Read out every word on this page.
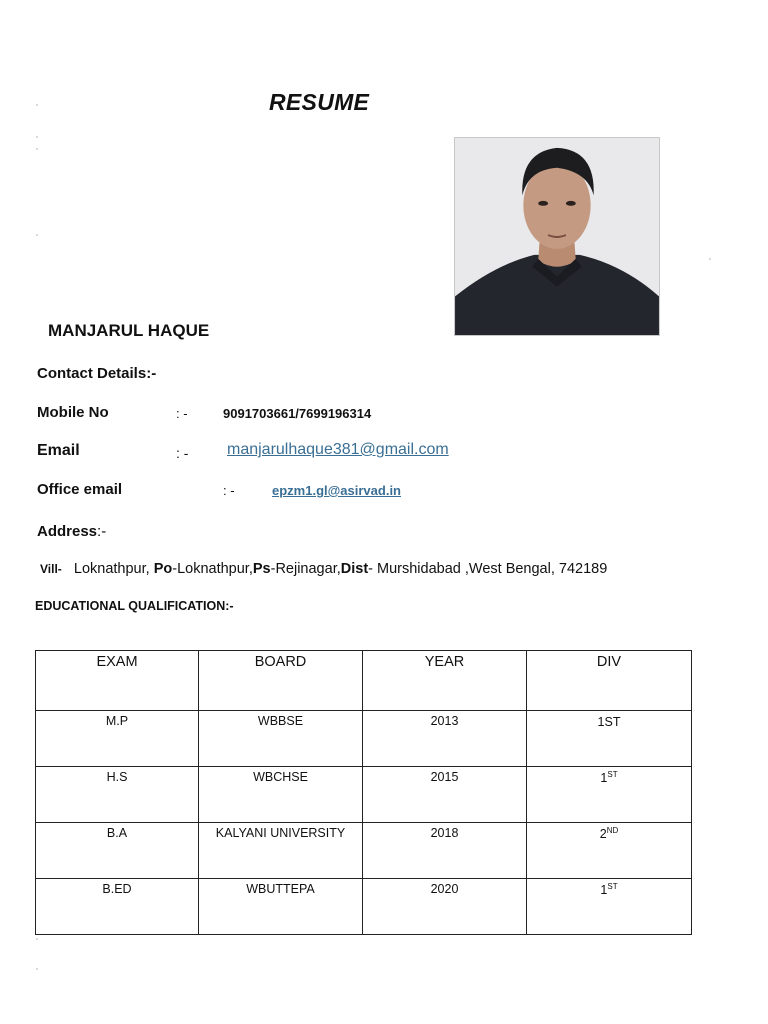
RESUME
MANJARUL HAQUE
Contact Details:-
Mobile No	: -	9091703661/7699196314
Email	: - manjarulhaque381@gmail.com
Office email	: -	epzm1.gl@asirvad.in
Address:-
Vill- Loknathpur, Po-Loknathpur,Ps-Rejinagar,Dist- Murshidabad ,West Bengal, 742189
EDUCATIONAL QUALIFICATION:-
EXAM	BOARD	YEAR	DIV
M.P	WBBSE	2013	1ST
H.S	WBCHSE	2015	1ST
B.A	KALYANI UNIVERSITY	2018	2ND
B.ED	WBUTTEPA	2020	1ST
